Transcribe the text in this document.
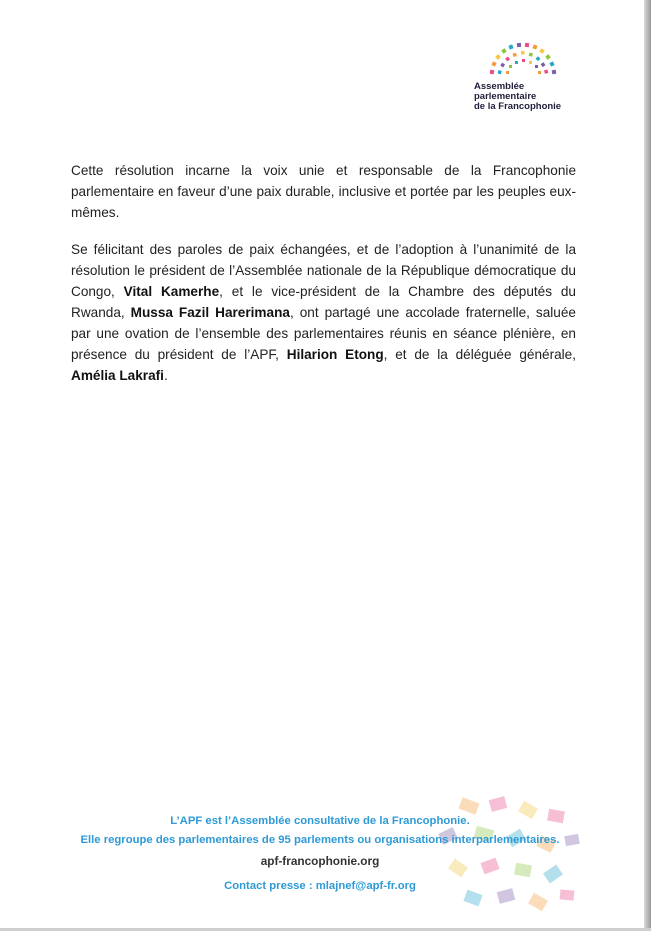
Assemblée
parlementaire
de la Francophonie

Cette résolution incarne la voix unie et responsable de la Francophonie parlementaire en faveur d’une paix durable, inclusive et portée par les peuples eux-mêmes.

Se félicitant des paroles de paix échangées, et de l’adoption à l’unanimité de la résolution le président de l’Assemblée nationale de la République démocratique du Congo, Vital Kamerhe, et le vice-président de la Chambre des députés du Rwanda, Mussa Fazil Harerimana, ont partagé une accolade fraternelle, saluée par une ovation de l’ensemble des parlementaires réunis en séance plénière, en présence du président de l’APF, Hilarion Etong, et de la déléguée générale, Amélia Lakrafi.

L’APF est l’Assemblée consultative de la Francophonie.
Elle regroupe des parlementaires de 95 parlements ou organisations interparlementaires.
apf-francophonie.org
Contact presse : mlajnef@apf-fr.org
